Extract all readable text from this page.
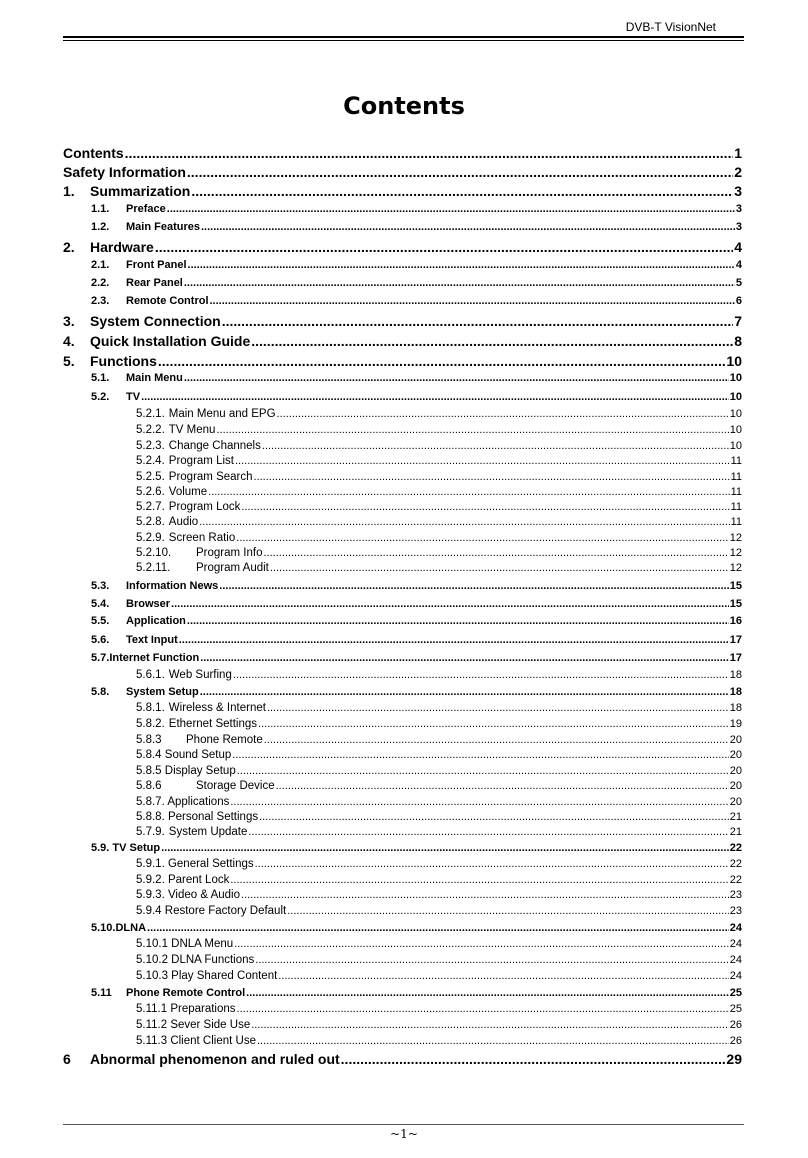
DVB-T VisionNet
Contents
Contents .....	1
Safety Information .....	2
1.	Summarization .....	3
1.1.	Preface .....	3
1.2.	Main Features .....	3
2.	Hardware .....	4
2.1.	Front Panel .....	4
2.2.	Rear Panel .....	5
2.3.	Remote Control .....	6
3.	System Connection .....	7
4.	Quick Installation Guide .....	8
5.	Functions .....	10
5.1.	Main Menu .....	10
5.2.	TV .....	10
5.2.1. Main Menu and EPG .....	10
5.2.2. TV Menu .....	10
5.2.3. Change Channels .....	10
5.2.4. Program List .....	11
5.2.5. Program Search .....	11
5.2.6. Volume .....	11
5.2.7. Program Lock .....	11
5.2.8. Audio .....	11
5.2.9. Screen Ratio .....	12
5.2.10.	Program Info .....	12
5.2.11.	Program Audit .....	12
5.3.	Information News .....	15
5.4.	Browser .....	15
5.5.	Application .....	16
5.6.	Text Input .....	17
5.7.Internet Function .....	17
5.6.1. Web Surfing .....	18
5.8.	System Setup .....	18
5.8.1. Wireless & Internet .....	18
5.8.2. Ethernet Settings .....	19
5.8.3	Phone Remote .....	20
5.8.4 Sound Setup .....	20
5.8.5 Display Setup .....	20
5.8.6	Storage Device .....	20
5.8.7. Applications .....	20
5.8.8. Personal Settings .....	21
5.7.9. System Update .....	21
5.9. TV Setup .....	22
5.9.1. General Settings .....	22
5.9.2. Parent Lock .....	22
5.9.3. Video & Audio .....	23
5.9.4 Restore Factory Default .....	23
5.10.DLNA .....	24
5.10.1 DNLA Menu .....	24
5.10.2 DLNA Functions .....	24
5.10.3 Play Shared Content .....	24
5.11	Phone Remote Control .....	25
5.11.1 Preparations .....	25
5.11.2 Sever Side Use .....	26
5.11.3 Client Client Use .....	26
6	Abnormal phenomenon and ruled out .....	29
~1~
